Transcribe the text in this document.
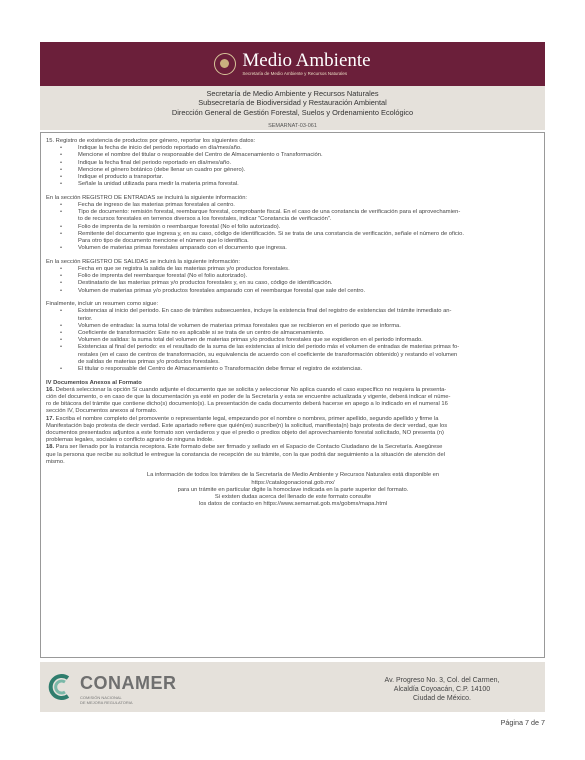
Medio Ambiente
Secretaría de Medio Ambiente y Recursos Naturales
Secretaría de Medio Ambiente y Recursos Naturales
Subsecretaría de Biodiversidad y Restauración Ambiental
Dirección General de Gestión Forestal, Suelos y Ordenamiento Ecológico
SEMARNAT-03-061

15. Registro de existencia de productos por género, reportar los siguientes datos:

• Indique la fecha de inicio del periodo reportado en día/mes/año.
• Mencione el nombre del titular o responsable del Centro de Almacenamiento o Transformación.
• Indique la fecha final del periodo reportado en día/mes/año.
• Mencione el género botánico (debe llenar un cuadro por género).
• Indique el producto a transportar.
• Señale la unidad utilizada para medir la materia prima forestal.

En la sección REGISTRO DE ENTRADAS se incluirá la siguiente información:

• Fecha de ingreso de las materias primas forestales al centro.
• Tipo de documento: remisión forestal, reembarque forestal, comprobante fiscal. En el caso de una constancia de verificación para el aprovechamien-
to de recursos forestales en terrenos diversos a los forestales, indicar "Constancia de verificación".
• Folio de imprenta de la remisión o reembarque forestal (No el folio autorizado).
• Remitente del documento que ingresa y, en su caso, código de identificación. Si se trata de una constancia de verificación, señale el número de oficio.
Para otro tipo de documento mencione el número que lo identifica.
• Volumen de materias primas forestales amparado con el documento que ingresa.

En la sección REGISTRO DE SALIDAS se incluirá la siguiente información:

• Fecha en que se registra la salida de las materias primas y/o productos forestales.
• Folio de imprenta del reembarque forestal (No el folio autorizado).
• Destinatario de las materias primas y/o productos forestales y, en su caso, código de identificación.
• Volumen de materias primas y/o productos forestales amparado con el reembarque forestal que sale del centro.

Finalmente, incluir un resumen como sigue:

• Existencias al inicio del periodo. En caso de trámites subsecuentes, incluye la existencia final del registro de existencias del trámite inmediato an-
terior.
• Volumen de entradas: la suma total de volumen de materias primas forestales que se recibieron en el periodo que se informa.
• Coeficiente de transformación: Este no es aplicable si se trata de un centro de almacenamiento.
• Volumen de salidas: la suma total del volumen de materias primas y/o productos forestales que se expidieron en el periodo informado.
• Existencias al final del periodo: es el resultado de la suma de las existencias al inicio del periodo más el volumen de entradas de materias primas fo-
restales (en el caso de centros de transformación, su equivalencia de acuerdo con el coeficiente de transformación obtenido) y restando el volumen
de salidas de materias primas y/o productos forestales.
• El titular o responsable del Centro de Almacenamiento o Transformación debe firmar el registro de existencias.

IV Documentos Anexos al Formato

16. Deberá seleccionar la opción Sí cuando adjunte el documento que se solicita y seleccionar No aplica cuando el caso específico no requiera la presenta-
ción del documento, o en caso de que la documentación ya esté en poder de la Secretaría y esta se encuentre actualizada y vigente, deberá indicar el núme-
ro de bitácora del trámite que contiene dicho(s) documento(s). La presentación de cada documento deberá hacerse en apego a lo indicado en el numeral 16
sección IV, Documentos anexos al formato.

17. Escriba el nombre completo del promovente o representante legal, empezando por el nombre o nombres, primer apellido, segundo apellido y firme la
Manifestación bajo protesta de decir verdad. Este apartado refiere que quién(es) suscribe(n) la solicitud, manifiesta(n) bajo protesta de decir verdad, que los
documentos presentados adjuntos a este formato son verdaderos y que el predio o predios objeto del aprovechamiento forestal solicitado, NO presenta (n)
problemas legales, sociales o conflicto agrario de ninguna índole.

18. Para ser llenado por la instancia receptora. Este formato debe ser firmado y sellado en el Espacio de Contacto Ciudadano de la Secretaría. Asegúrese
que la persona que recibe su solicitud le entregue la constancia de recepción de su trámite, con la que podrá dar seguimiento a la situación de atención del
mismo.

La información de todos los trámites de la Secretaría de Medio Ambiente y Recursos Naturales está disponible en
https://catalogonacional.gob.mx/
para un trámite en particular digite la homoclave indicada en la parte superior del formato.
Si existen dudas acerca del llenado de este formato consulte
los datos de contacto en https://www.semarnat.gob.mx/gobmx/mapa.html
CONAMER
COMISIÓN NACIONAL
DE MEJORA REGULATORIA
Av. Progreso No. 3, Col. del Carmen,
Alcaldía Coyoacán, C.P. 14100
Ciudad de México.
Página 7 de 7
